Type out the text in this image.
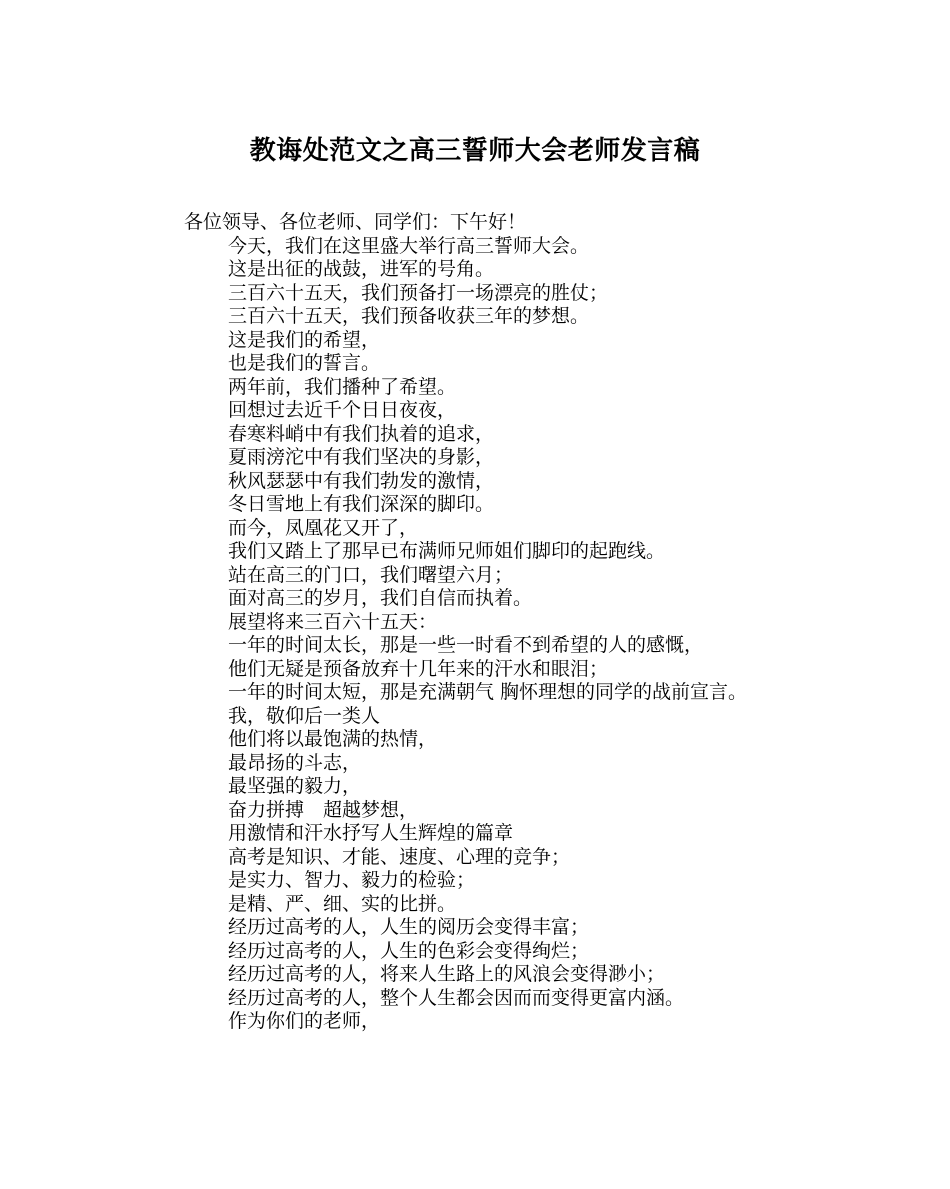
教诲处范文之高三誓师大会老师发言稿
各位领导、各位老师、同学们：下午好！
今天，我们在这里盛大举行高三誓师大会。
这是出征的战鼓，进军的号角。
三百六十五天，我们预备打一场漂亮的胜仗；
三百六十五天，我们预备收获三年的梦想。
这是我们的希望，
也是我们的誓言。
两年前，我们播种了希望。
回想过去近千个日日夜夜，
春寒料峭中有我们执着的追求，
夏雨滂沱中有我们坚决的身影，
秋风瑟瑟中有我们勃发的激情，
冬日雪地上有我们深深的脚印。
而今，凤凰花又开了，
我们又踏上了那早已布满师兄师姐们脚印的起跑线。
站在高三的门口，我们曙望六月；
面对高三的岁月，我们自信而执着。
展望将来三百六十五天：
一年的时间太长，那是一些一时看不到希望的人的感慨，
他们无疑是预备放弃十几年来的汗水和眼泪；
一年的时间太短，那是充满朝气 胸怀理想的同学的战前宣言。
我，敬仰后一类人
他们将以最饱满的热情，
最昂扬的斗志，
最坚强的毅力，
奋力拼搏　超越梦想，
用激情和汗水抒写人生辉煌的篇章
高考是知识、才能、速度、心理的竞争；
是实力、智力、毅力的检验；
是精、严、细、实的比拼。
经历过高考的人，人生的阅历会变得丰富；
经历过高考的人，人生的色彩会变得绚烂；
经历过高考的人，将来人生路上的风浪会变得渺小；
经历过高考的人，整个人生都会因而而变得更富内涵。
作为你们的老师，
